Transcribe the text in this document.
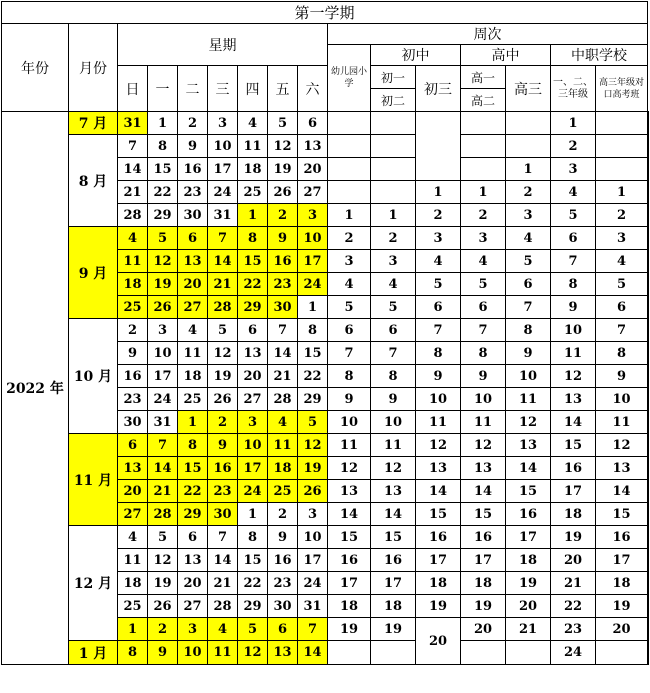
第一学期																
年份	月份	星期							周次							
									幼儿园小学	初中		高中		中职学校		
		日	一	二	三	四	五	六		初一	初三	高一	高三	一、二、三年级	高三年级对口高考班	
										初二		高二				
2022 年	7 月	31	1	2	3	4	5	6						1		
	8 月	7	8	9	10	11	12	13						2		
		14	15	16	17	18	19	20					1	3		
		21	22	23	24	25	26	27			1	1	2	4	1	
		28	29	30	31	1	2	3	1	1	2	2	3	5	2	
	9 月	4	5	6	7	8	9	10	2	2	3	3	4	6	3	
		11	12	13	14	15	16	17	3	3	4	4	5	7	4	
		18	19	20	21	22	23	24	4	4	5	5	6	8	5	
		25	26	27	28	29	30	1	5	5	6	6	7	9	6	
	10 月	2	3	4	5	6	7	8	6	6	7	7	8	10	7	
		9	10	11	12	13	14	15	7	7	8	8	9	11	8	
		16	17	18	19	20	21	22	8	8	9	9	10	12	9	
		23	24	25	26	27	28	29	9	9	10	10	11	13	10	
		30	31	1	2	3	4	5	10	10	11	11	12	14	11	
	11 月	6	7	8	9	10	11	12	11	11	12	12	13	15	12	
		13	14	15	16	17	18	19	12	12	13	13	14	16	13	
		20	21	22	23	24	25	26	13	13	14	14	15	17	14	
		27	28	29	30	1	2	3	14	14	15	15	16	18	15	
	12 月	4	5	6	7	8	9	10	15	15	16	16	17	19	16	
		11	12	13	14	15	16	17	16	16	17	17	18	20	17	
		18	19	20	21	22	23	24	17	17	18	18	19	21	18	
		25	26	27	28	29	30	31	18	18	19	19	20	22	19	
		1	2	3	4	5	6	7	19	19	20	20	21	23	20	
	1 月	8	9	10	11	12	13	14						24		
